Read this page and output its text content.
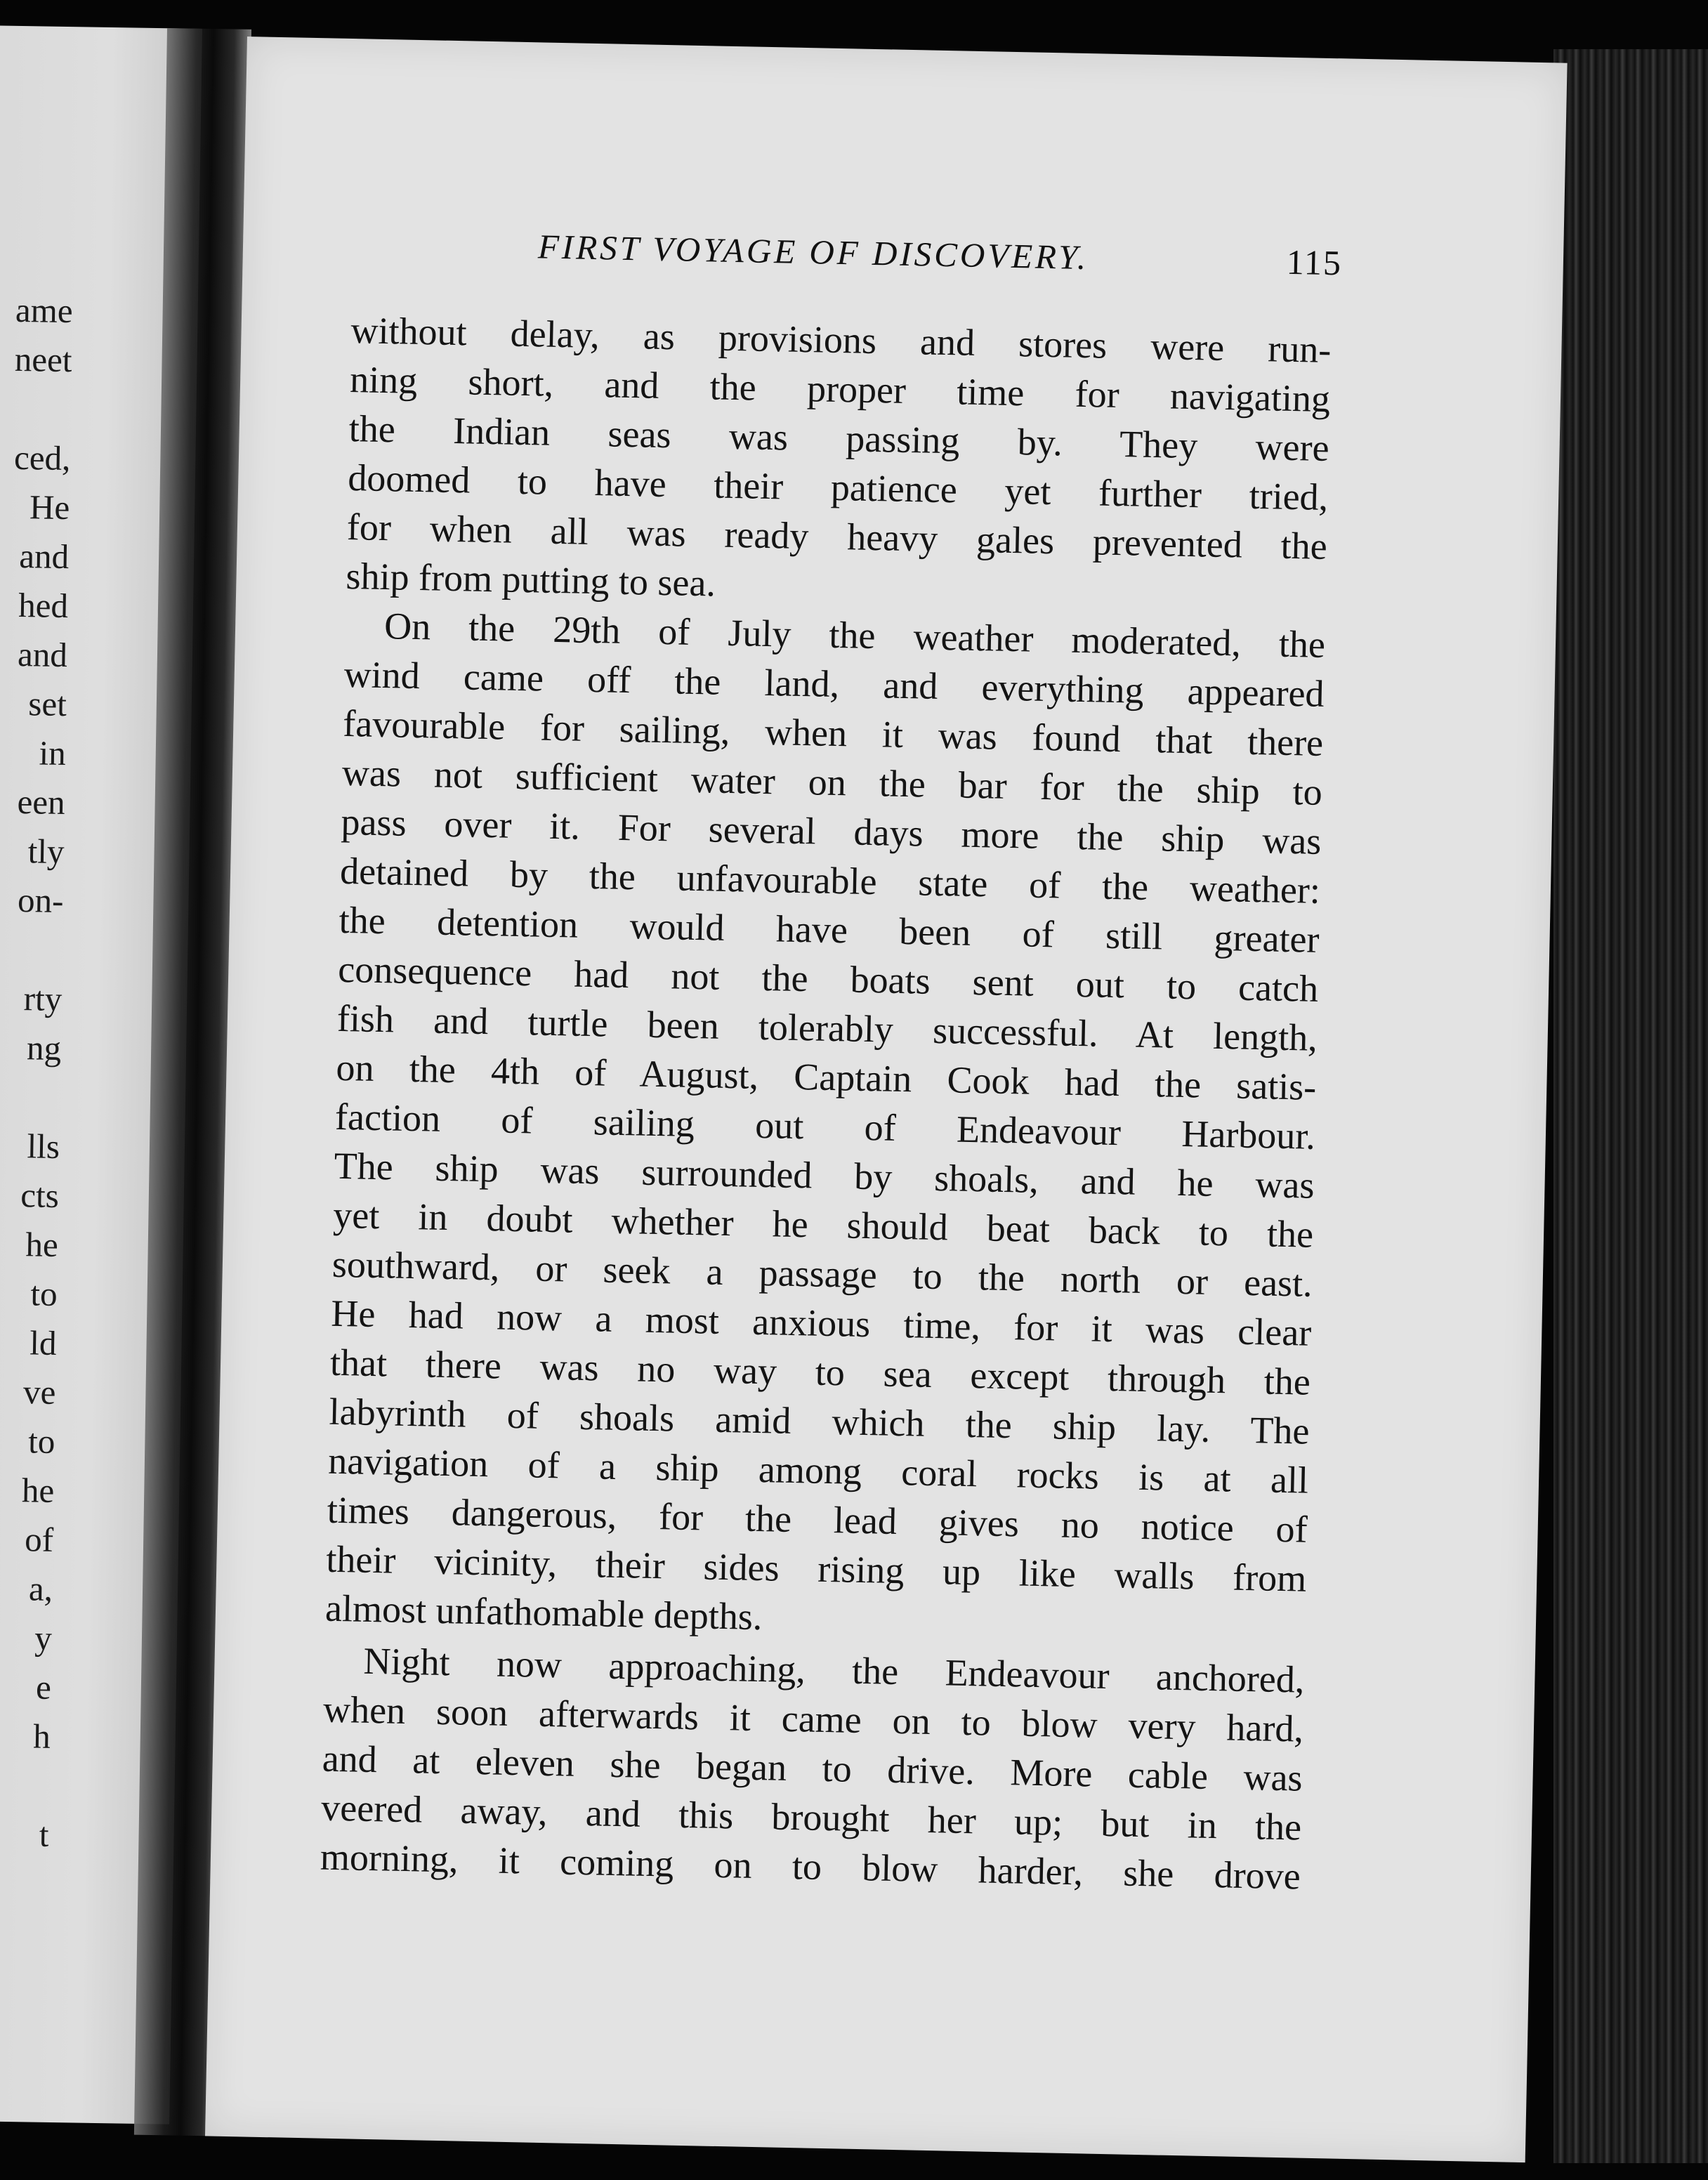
ame
neet
ced,
He
and
hed
and
set
in
een
tly
on-
rty
ng
lls
cts
he
to
ld
ve
to
he
of
a,
y
e
h
t
FIRST VOYAGE OF DISCOVERY.	115
without delay, as provisions and stores were run-
ning short, and the proper time for navigating
the Indian seas was passing by. They were
doomed to have their patience yet further tried,
for when all was ready heavy gales prevented the
ship from putting to sea.
On the 29th of July the weather moderated, the
wind came off the land, and everything appeared
favourable for sailing, when it was found that there
was not sufficient water on the bar for the ship to
pass over it. For several days more the ship was
detained by the unfavourable state of the weather:
the detention would have been of still greater
consequence had not the boats sent out to catch
fish and turtle been tolerably successful. At length,
on the 4th of August, Captain Cook had the satis-
faction of sailing out of Endeavour Harbour.
The ship was surrounded by shoals, and he was
yet in doubt whether he should beat back to the
southward, or seek a passage to the north or east.
He had now a most anxious time, for it was clear
that there was no way to sea except through the
labyrinth of shoals amid which the ship lay. The
navigation of a ship among coral rocks is at all
times dangerous, for the lead gives no notice of
their vicinity, their sides rising up like walls from
almost unfathomable depths.
Night now approaching, the Endeavour anchored,
when soon afterwards it came on to blow very hard,
and at eleven she began to drive. More cable was
veered away, and this brought her up; but in the
morning, it coming on to blow harder, she drove
